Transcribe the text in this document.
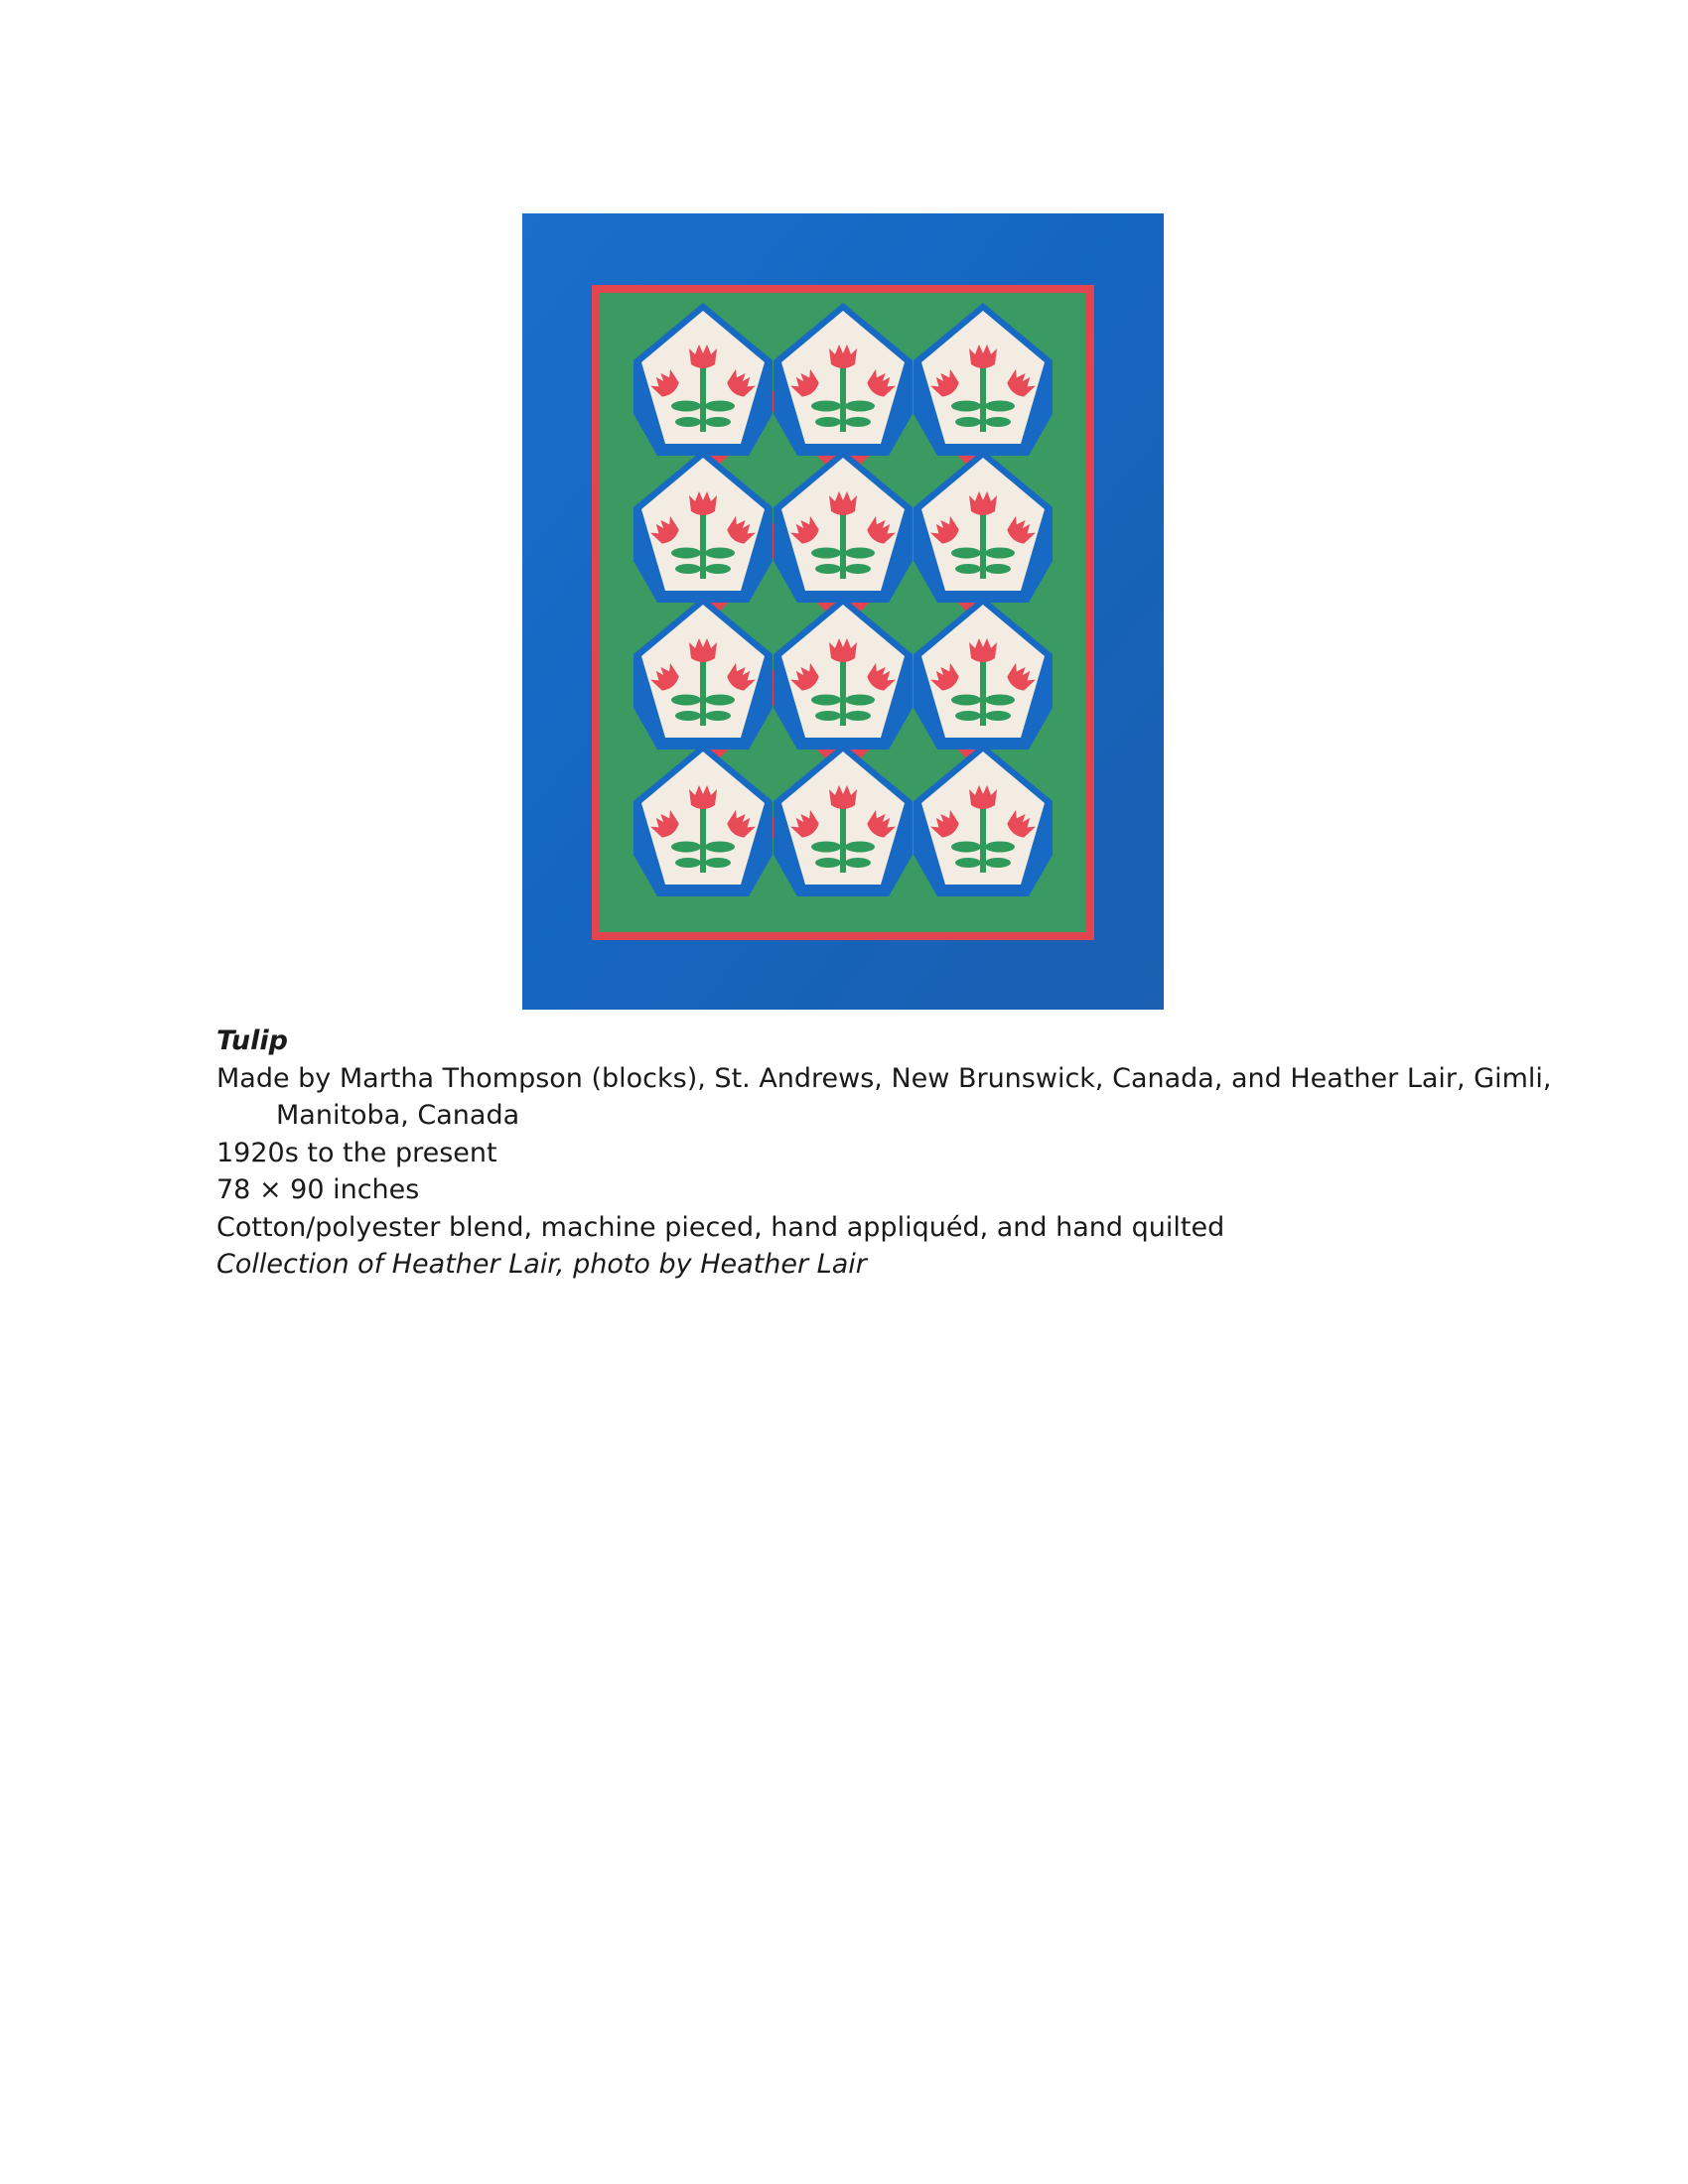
Tulip
Made by Martha Thompson (blocks), St. Andrews, New Brunswick, Canada, and Heather Lair, Gimli,
Manitoba, Canada
1920s to the present
78 × 90 inches
Cotton/polyester blend, machine pieced, hand appliquéd, and hand quilted
Collection of Heather Lair, photo by Heather Lair
